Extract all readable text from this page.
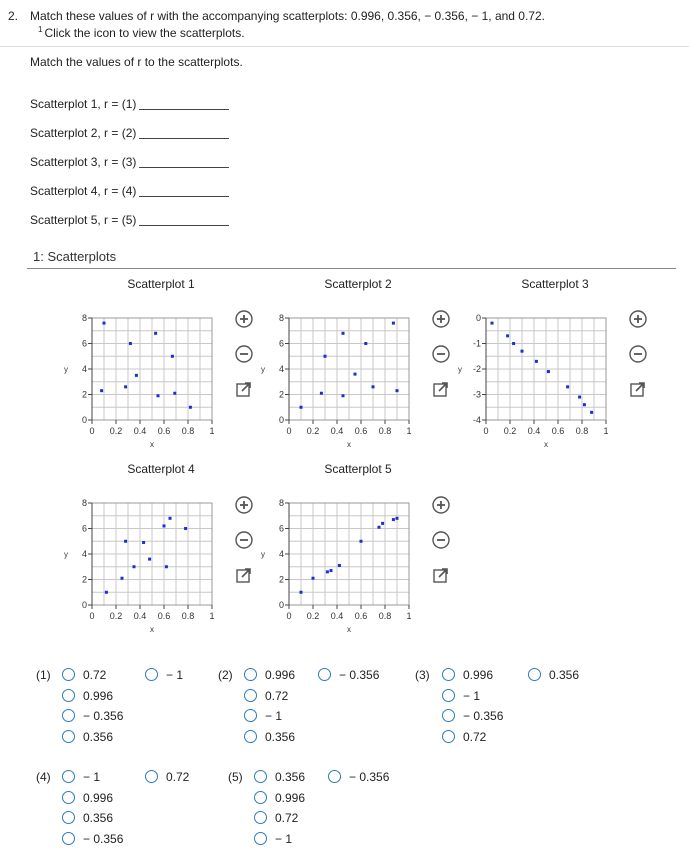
2. Match these values of r with the accompanying scatterplots: 0.996, 0.356, − 0.356, − 1, and 0.72.
$^1$ Click the icon to view the scatterplots.
Match the values of r to the scatterplots.
Scatterplot 1, r = (1)
Scatterplot 2, r = (2)
Scatterplot 3, r = (3)
Scatterplot 4, r = (4)
Scatterplot 5, r = (5)
1: Scatterplots
Scatterplot 1
0
2
4
6
8
0 0.2 0.4 0.6 0.8 1
x
y
Scatterplot 2
0
2
4
6
8
0 0.2 0.4 0.6 0.8 1
x
y
Scatterplot 3
0
-1
-2
-3
-4
0 0.2 0.4 0.6 0.8 1
x
y
Scatterplot 4
0
2
4
6
8
0 0.2 0.4 0.6 0.8 1
x
y
Scatterplot 5
0
2
4
6
8
0 0.2 0.4 0.6 0.8 1
x
y
(1)	0.72
0.996
− 0.356
0.356
− 1	(2)	0.996
0.72
− 1
0.356
− 0.356	(3)	0.996
− 1
− 0.356
0.72
0.356
(4)	− 1
0.996
0.356
− 0.356
0.72	(5)	0.356
0.996
0.72
− 1
− 0.356
